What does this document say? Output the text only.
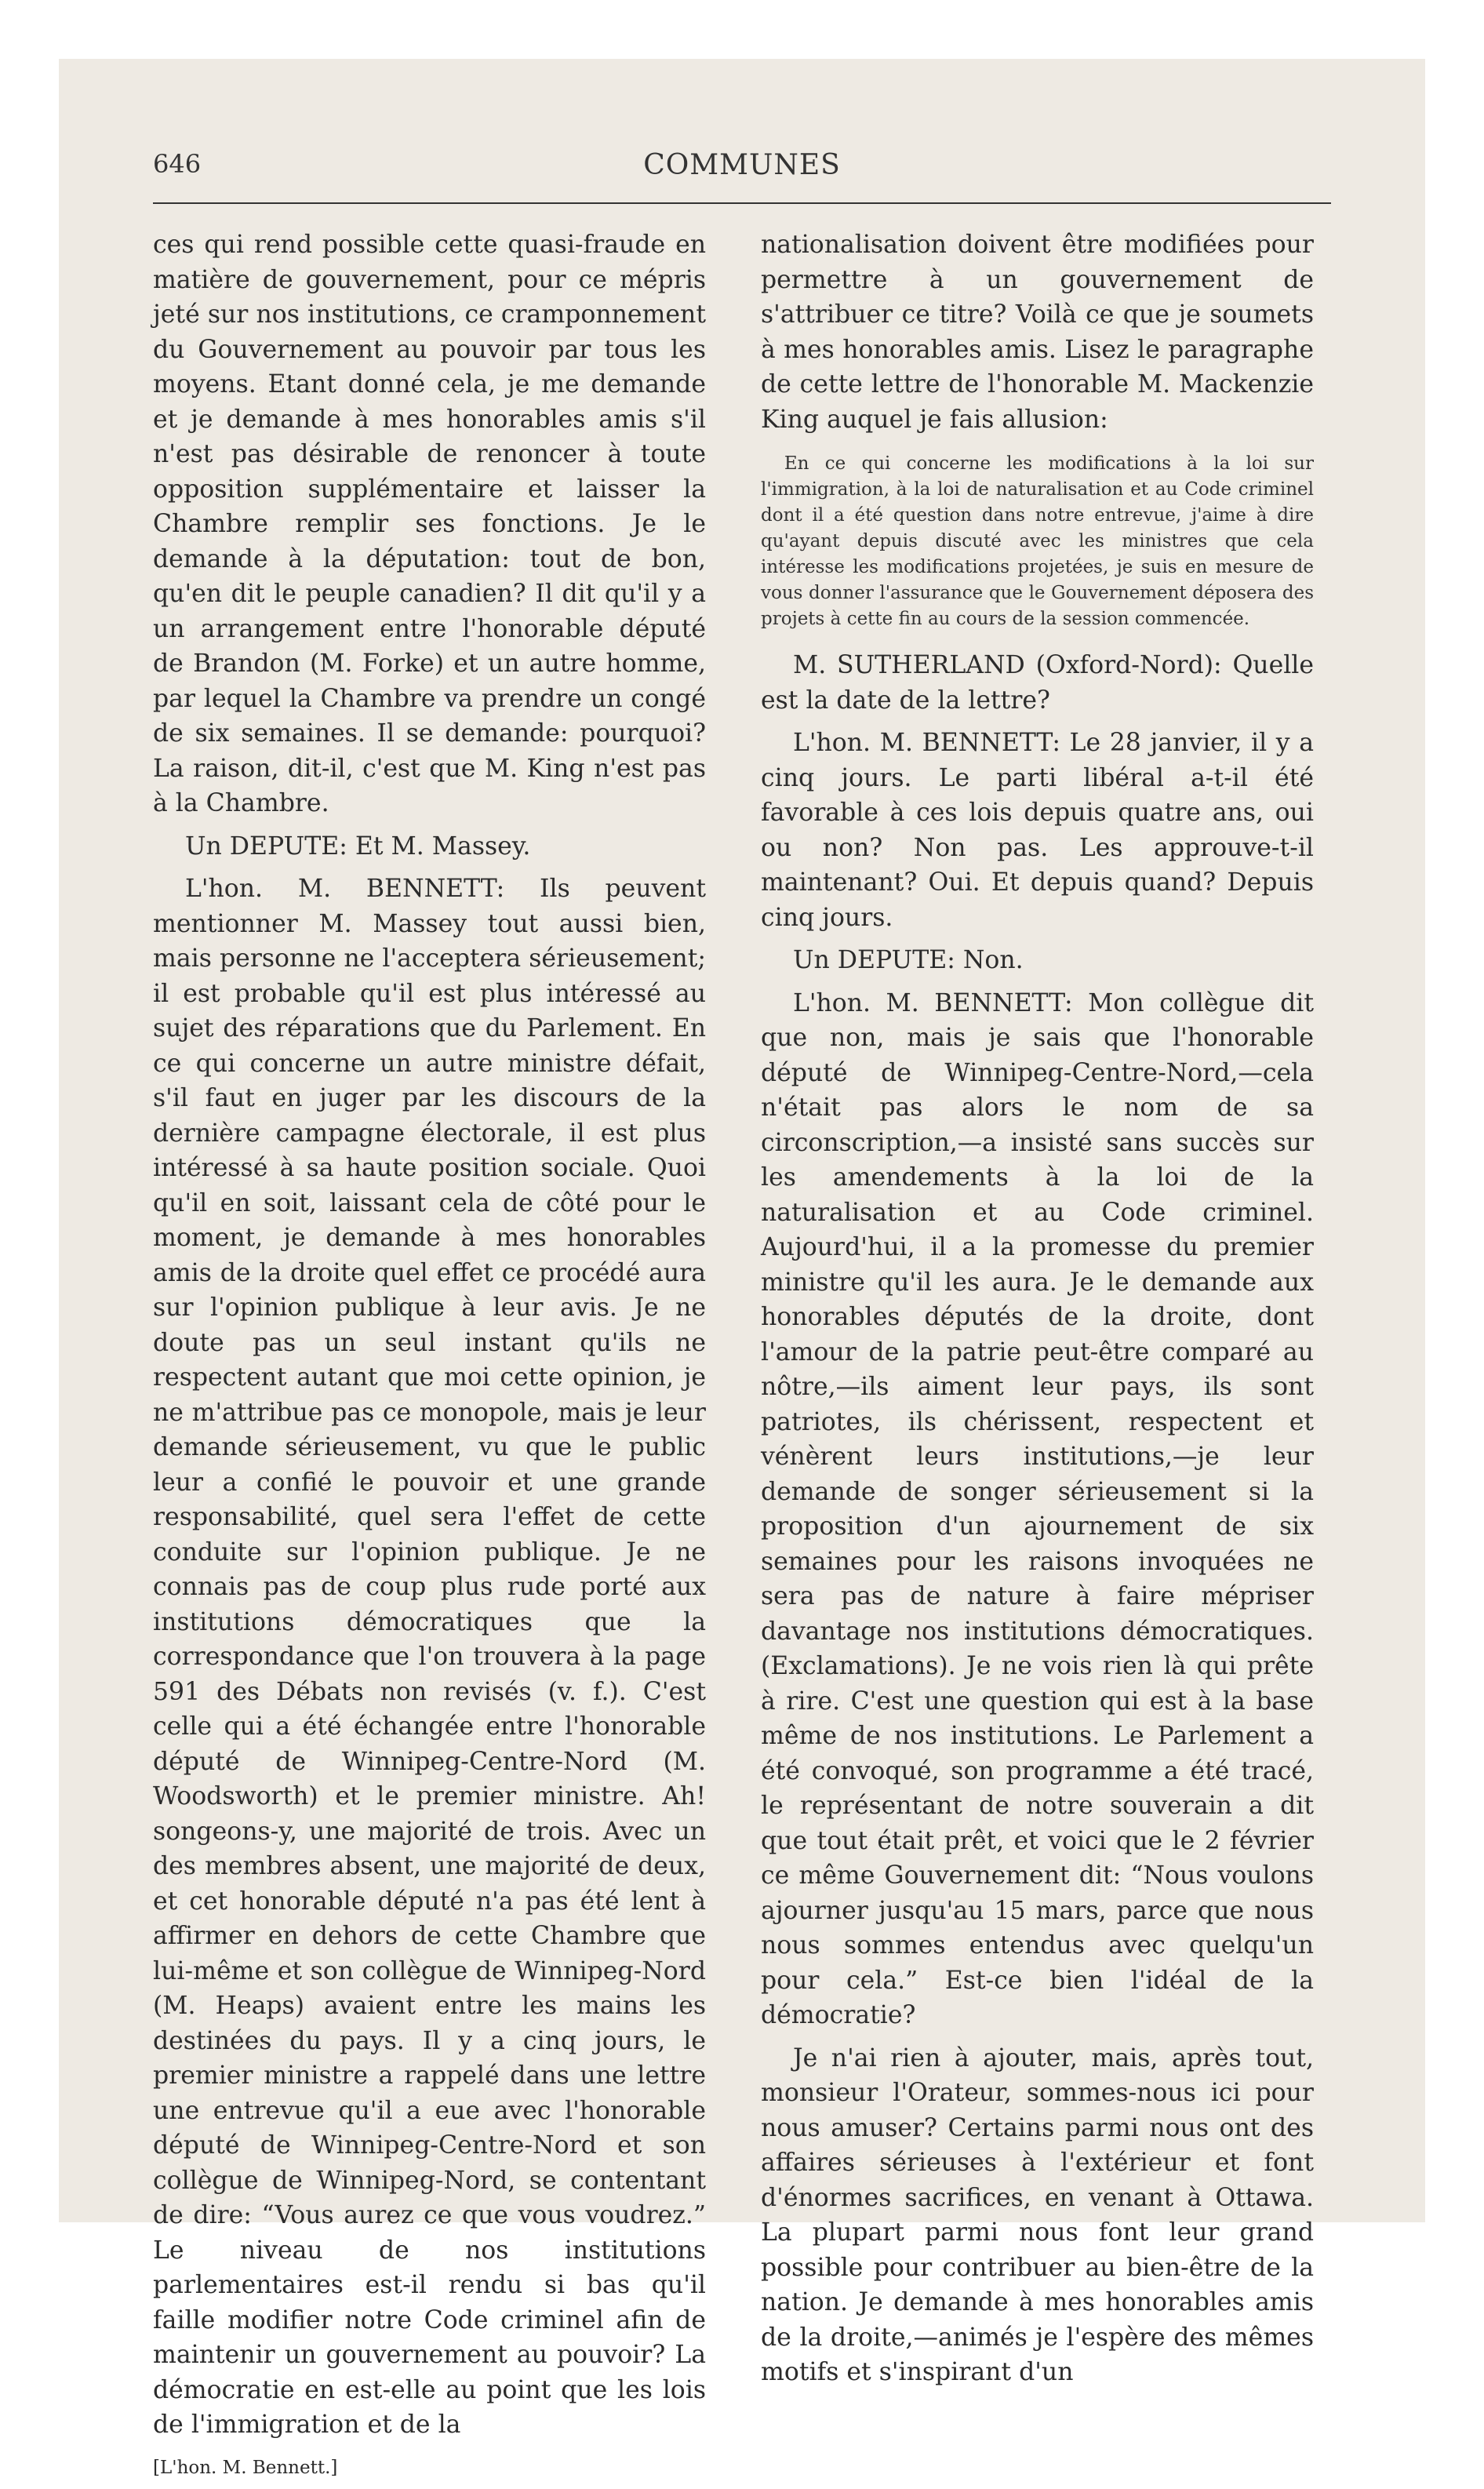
646	COMMUNES

ces qui rend possible cette quasi-fraude en matière de gouvernement, pour ce mépris jeté sur nos institutions, ce cramponnement du Gouvernement au pouvoir par tous les moyens. Etant donné cela, je me demande et je demande à mes honorables amis s'il n'est pas désirable de renoncer à toute opposition supplémentaire et laisser la Chambre remplir ses fonctions. Je le demande à la députation: tout de bon, qu'en dit le peuple canadien? Il dit qu'il y a un arrangement entre l'honorable député de Brandon (M. Forke) et un autre homme, par lequel la Chambre va prendre un congé de six semaines. Il se demande: pourquoi? La raison, dit-il, c'est que M. King n'est pas à la Chambre.

Un DEPUTE: Et M. Massey.

L'hon. M. BENNETT: Ils peuvent mentionner M. Massey tout aussi bien, mais personne ne l'acceptera sérieusement; il est probable qu'il est plus intéressé au sujet des réparations que du Parlement. En ce qui concerne un autre ministre défait, s'il faut en juger par les discours de la dernière campagne électorale, il est plus intéressé à sa haute position sociale. Quoi qu'il en soit, laissant cela de côté pour le moment, je demande à mes honorables amis de la droite quel effet ce procédé aura sur l'opinion publique à leur avis. Je ne doute pas un seul instant qu'ils ne respectent autant que moi cette opinion, je ne m'attribue pas ce monopole, mais je leur demande sérieusement, vu que le public leur a confié le pouvoir et une grande responsabilité, quel sera l'effet de cette conduite sur l'opinion publique. Je ne connais pas de coup plus rude porté aux institutions démocratiques que la correspondance que l'on trouvera à la page 591 des Débats non revisés (v. f.). C'est celle qui a été échangée entre l'honorable député de Winnipeg-Centre-Nord (M. Woodsworth) et le premier ministre. Ah! songeons-y, une majorité de trois. Avec un des membres absent, une majorité de deux, et cet honorable député n'a pas été lent à affirmer en dehors de cette Chambre que lui-même et son collègue de Winnipeg-Nord (M. Heaps) avaient entre les mains les destinées du pays. Il y a cinq jours, le premier ministre a rappelé dans une lettre une entrevue qu'il a eue avec l'honorable député de Winnipeg-Centre-Nord et son collègue de Winnipeg-Nord, se contentant de dire: “Vous aurez ce que vous voudrez.” Le niveau de nos institutions parlementaires est-il rendu si bas qu'il faille modifier notre Code criminel afin de maintenir un gouvernement au pouvoir? La démocratie en est-elle au point que les lois de l'immigration et de la

[L'hon. M. Bennett.]

nationalisation doivent être modifiées pour permettre à un gouvernement de s'attribuer ce titre? Voilà ce que je soumets à mes honorables amis. Lisez le paragraphe de cette lettre de l'honorable M. Mackenzie King auquel je fais allusion:

En ce qui concerne les modifications à la loi sur l'immigration, à la loi de naturalisation et au Code criminel dont il a été question dans notre entrevue, j'aime à dire qu'ayant depuis discuté avec les ministres que cela intéresse les modifications projetées, je suis en mesure de vous donner l'assurance que le Gouvernement déposera des projets à cette fin au cours de la session commencée.

M. SUTHERLAND (Oxford-Nord): Quelle est la date de la lettre?

L'hon. M. BENNETT: Le 28 janvier, il y a cinq jours. Le parti libéral a-t-il été favorable à ces lois depuis quatre ans, oui ou non? Non pas. Les approuve-t-il maintenant? Oui. Et depuis quand? Depuis cinq jours.

Un DEPUTE: Non.

L'hon. M. BENNETT: Mon collègue dit que non, mais je sais que l'honorable député de Winnipeg-Centre-Nord,—cela n'était pas alors le nom de sa circonscription,—a insisté sans succès sur les amendements à la loi de la naturalisation et au Code criminel. Aujourd'hui, il a la promesse du premier ministre qu'il les aura. Je le demande aux honorables députés de la droite, dont l'amour de la patrie peut-être comparé au nôtre,—ils aiment leur pays, ils sont patriotes, ils chérissent, respectent et vénèrent leurs institutions,—je leur demande de songer sérieusement si la proposition d'un ajournement de six semaines pour les raisons invoquées ne sera pas de nature à faire mépriser davantage nos institutions démocratiques. (Exclamations). Je ne vois rien là qui prête à rire. C'est une question qui est à la base même de nos institutions. Le Parlement a été convoqué, son programme a été tracé, le représentant de notre souverain a dit que tout était prêt, et voici que le 2 février ce même Gouvernement dit: “Nous voulons ajourner jusqu'au 15 mars, parce que nous nous sommes entendus avec quelqu'un pour cela.” Est-ce bien l'idéal de la démocratie?

Je n'ai rien à ajouter, mais, après tout, monsieur l'Orateur, sommes-nous ici pour nous amuser? Certains parmi nous ont des affaires sérieuses à l'extérieur et font d'énormes sacrifices, en venant à Ottawa. La plupart parmi nous font leur grand possible pour contribuer au bien-être de la nation. Je demande à mes honorables amis de la droite,—animés je l'espère des mêmes motifs et s'inspirant d'un
